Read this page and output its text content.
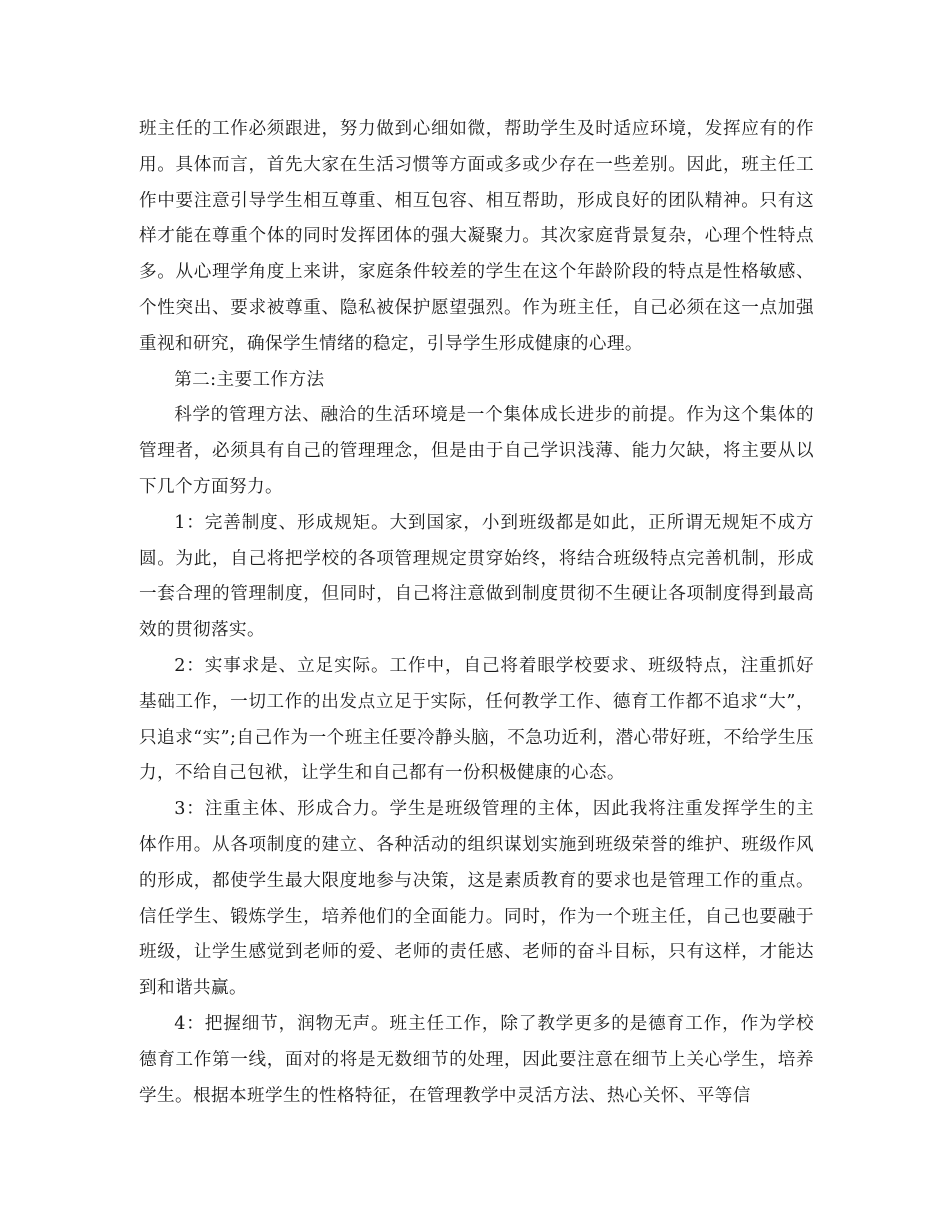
班主任的工作必须跟进，努力做到心细如微，帮助学生及时适应环境，发挥应有的作用。具体而言，首先大家在生活习惯等方面或多或少存在一些差别。因此，班主任工作中要注意引导学生相互尊重、相互包容、相互帮助，形成良好的团队精神。只有这样才能在尊重个体的同时发挥团体的强大凝聚力。其次家庭背景复杂，心理个性特点多。从心理学角度上来讲，家庭条件较差的学生在这个年龄阶段的特点是性格敏感、个性突出、要求被尊重、隐私被保护愿望强烈。作为班主任，自己必须在这一点加强重视和研究，确保学生情绪的稳定，引导学生形成健康的心理。

第二:主要工作方法

科学的管理方法、融洽的生活环境是一个集体成长进步的前提。作为这个集体的管理者，必须具有自己的管理理念，但是由于自己学识浅薄、能力欠缺，将主要从以下几个方面努力。

1：完善制度、形成规矩。大到国家，小到班级都是如此，正所谓无规矩不成方圆。为此，自己将把学校的各项管理规定贯穿始终，将结合班级特点完善机制，形成一套合理的管理制度，但同时，自己将注意做到制度贯彻不生硬让各项制度得到最高效的贯彻落实。

2：实事求是、立足实际。工作中，自己将着眼学校要求、班级特点，注重抓好基础工作，一切工作的出发点立足于实际，任何教学工作、德育工作都不追求“大”，只追求“实”;自己作为一个班主任要冷静头脑，不急功近利，潜心带好班，不给学生压力，不给自己包袱，让学生和自己都有一份积极健康的心态。

3：注重主体、形成合力。学生是班级管理的主体，因此我将注重发挥学生的主体作用。从各项制度的建立、各种活动的组织谋划实施到班级荣誉的维护、班级作风的形成，都使学生最大限度地参与决策，这是素质教育的要求也是管理工作的重点。信任学生、锻炼学生，培养他们的全面能力。同时，作为一个班主任，自己也要融于班级，让学生感觉到老师的爱、老师的责任感、老师的奋斗目标，只有这样，才能达到和谐共赢。

4：把握细节，润物无声。班主任工作，除了教学更多的是德育工作，作为学校德育工作第一线，面对的将是无数细节的处理，因此要注意在细节上关心学生，培养学生。根据本班学生的性格特征，在管理教学中灵活方法、热心关怀、平等信
